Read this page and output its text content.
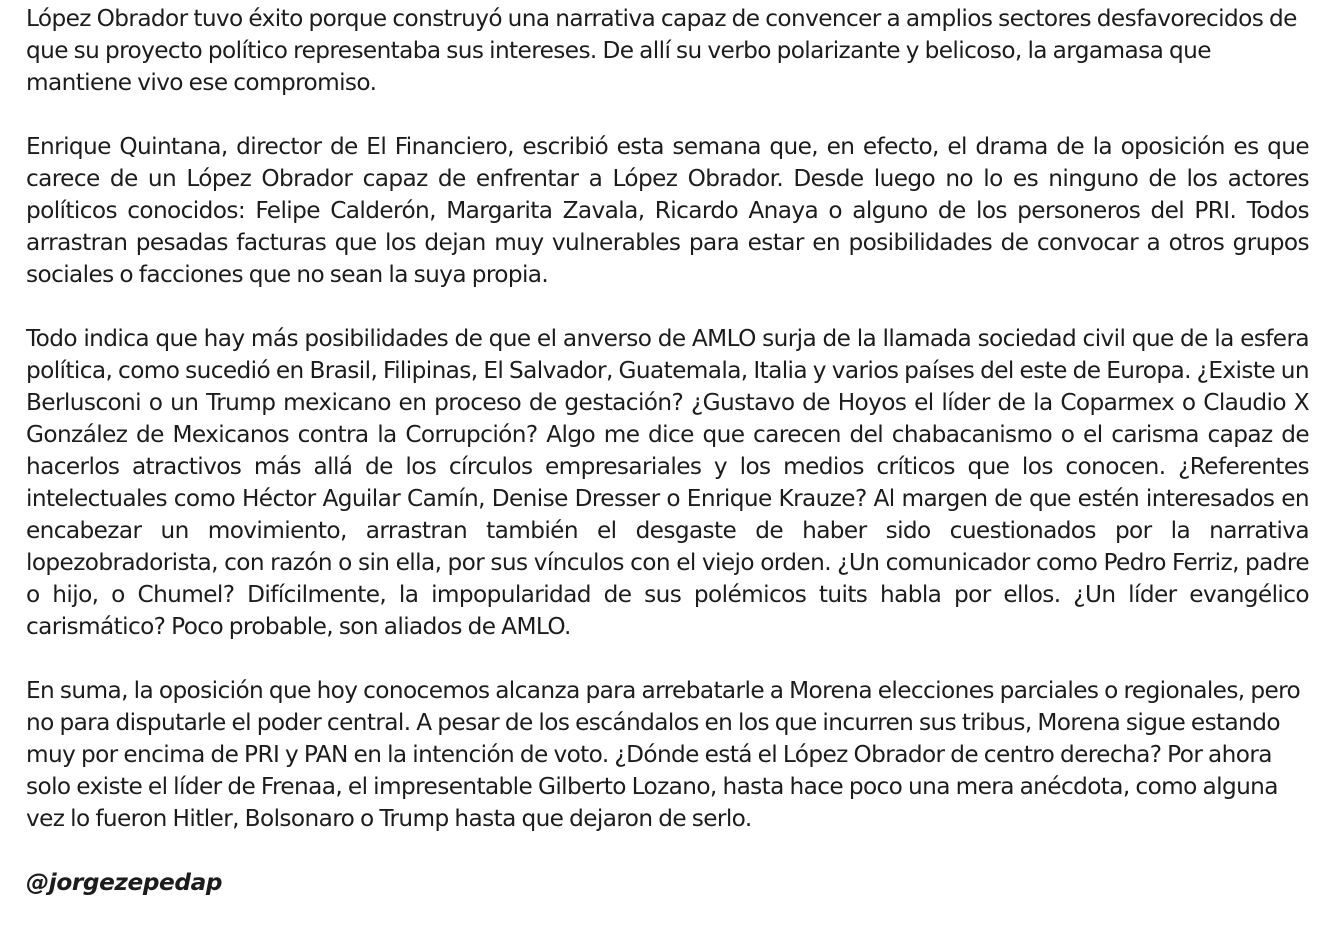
López Obrador tuvo éxito porque construyó una narrativa capaz de convencer a amplios sectores desfavorecidos de que su proyecto político representaba sus intereses. De allí su verbo polarizante y belicoso, la argamasa que mantiene vivo ese compromiso.

Enrique Quintana, director de El Financiero, escribió esta semana que, en efecto, el drama de la oposición es que carece de un López Obrador capaz de enfrentar a López Obrador. Desde luego no lo es ninguno de los actores políticos conocidos: Felipe Calderón, Margarita Zavala, Ricardo Anaya o alguno de los personeros del PRI. Todos arrastran pesadas facturas que los dejan muy vulnerables para estar en posibilidades de convocar a otros grupos sociales o facciones que no sean la suya propia.

Todo indica que hay más posibilidades de que el anverso de AMLO surja de la llamada sociedad civil que de la esfera política, como sucedió en Brasil, Filipinas, El Salvador, Guatemala, Italia y varios países del este de Europa. ¿Existe un Berlusconi o un Trump mexicano en proceso de gestación? ¿Gustavo de Hoyos el líder de la Coparmex o Claudio X González de Mexicanos contra la Corrupción? Algo me dice que carecen del chabacanismo o el carisma capaz de hacerlos atractivos más allá de los círculos empresariales y los medios críticos que los conocen. ¿Referentes intelectuales como Héctor Aguilar Camín, Denise Dresser o Enrique Krauze? Al margen de que estén interesados en encabezar un movimiento, arrastran también el desgaste de haber sido cuestionados por la narrativa lopezobradorista, con razón o sin ella, por sus vínculos con el viejo orden. ¿Un comunicador como Pedro Ferriz, padre o hijo, o Chumel? Difícilmente, la impopularidad de sus polémicos tuits habla por ellos. ¿Un líder evangélico carismático? Poco probable, son aliados de AMLO.

En suma, la oposición que hoy conocemos alcanza para arrebatarle a Morena elecciones parciales o regionales, pero no para disputarle el poder central. A pesar de los escándalos en los que incurren sus tribus, Morena sigue estando muy por encima de PRI y PAN en la intención de voto. ¿Dónde está el López Obrador de centro derecha? Por ahora solo existe el líder de Frenaa, el impresentable Gilberto Lozano, hasta hace poco una mera anécdota, como alguna vez lo fueron Hitler, Bolsonaro o Trump hasta que dejaron de serlo.

@jorgezepedap
